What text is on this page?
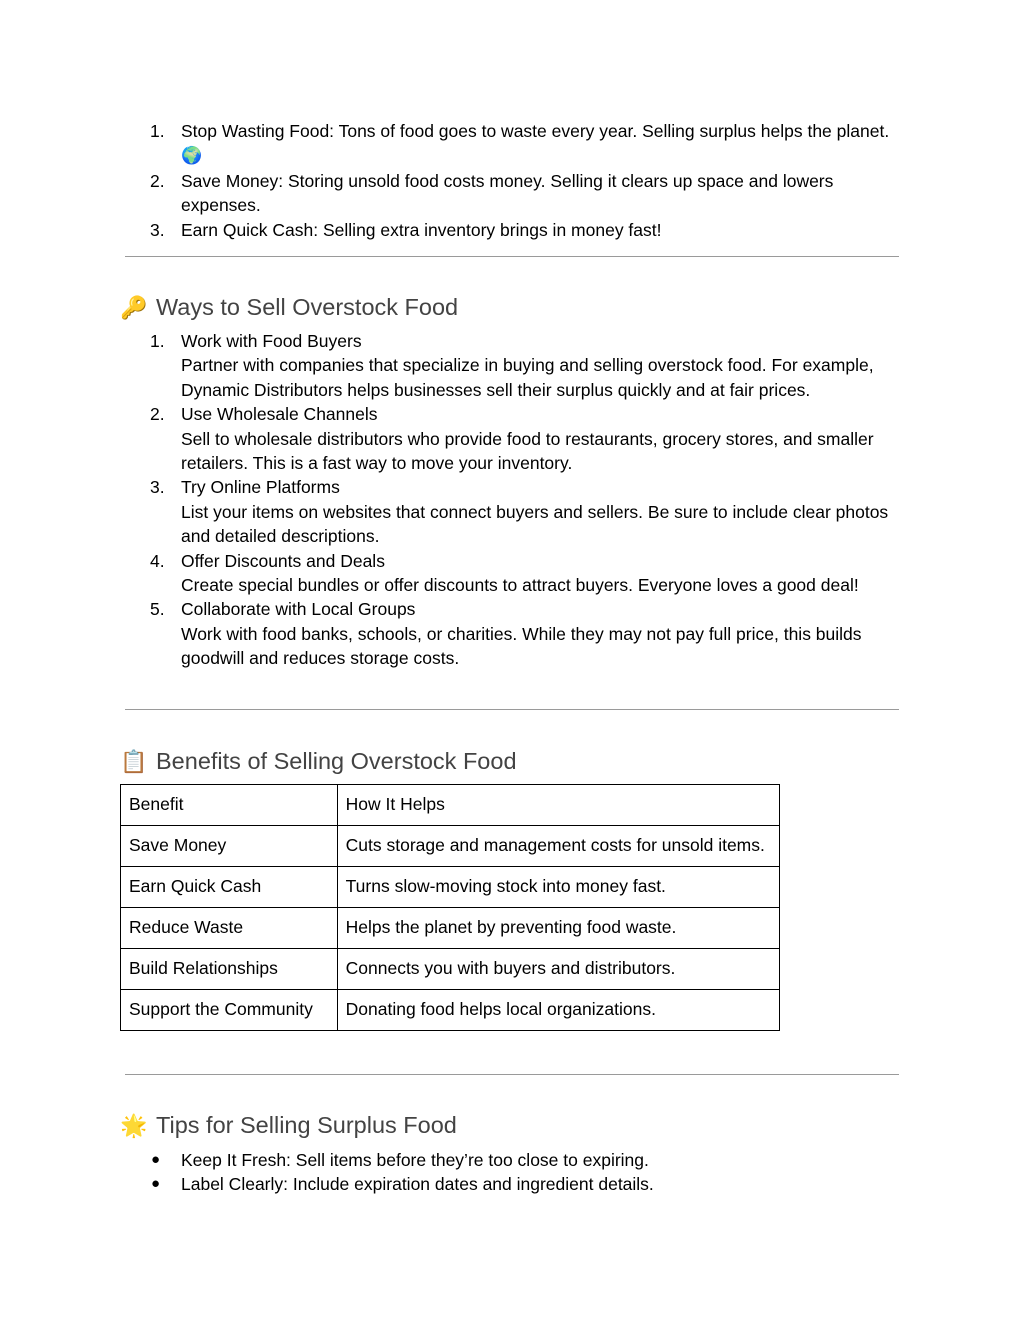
1. Stop Wasting Food: Tons of food goes to waste every year. Selling surplus helps the planet. 🌍
2. Save Money: Storing unsold food costs money. Selling it clears up space and lowers expenses.
3. Earn Quick Cash: Selling extra inventory brings in money fast!
🔑 Ways to Sell Overstock Food
1. Work with Food Buyers
Partner with companies that specialize in buying and selling overstock food. For example, Dynamic Distributors helps businesses sell their surplus quickly and at fair prices.
2. Use Wholesale Channels
Sell to wholesale distributors who provide food to restaurants, grocery stores, and smaller retailers. This is a fast way to move your inventory.
3. Try Online Platforms
List your items on websites that connect buyers and sellers. Be sure to include clear photos and detailed descriptions.
4. Offer Discounts and Deals
Create special bundles or offer discounts to attract buyers. Everyone loves a good deal!
5. Collaborate with Local Groups
Work with food banks, schools, or charities. While they may not pay full price, this builds goodwill and reduces storage costs.
📋 Benefits of Selling Overstock Food
Benefit	How It Helps
Save Money	Cuts storage and management costs for unsold items.
Earn Quick Cash	Turns slow-moving stock into money fast.
Reduce Waste	Helps the planet by preventing food waste.
Build Relationships	Connects you with buyers and distributors.
Support the Community	Donating food helps local organizations.
🌟 Tips for Selling Surplus Food
● Keep It Fresh: Sell items before they’re too close to expiring.
● Label Clearly: Include expiration dates and ingredient details.
